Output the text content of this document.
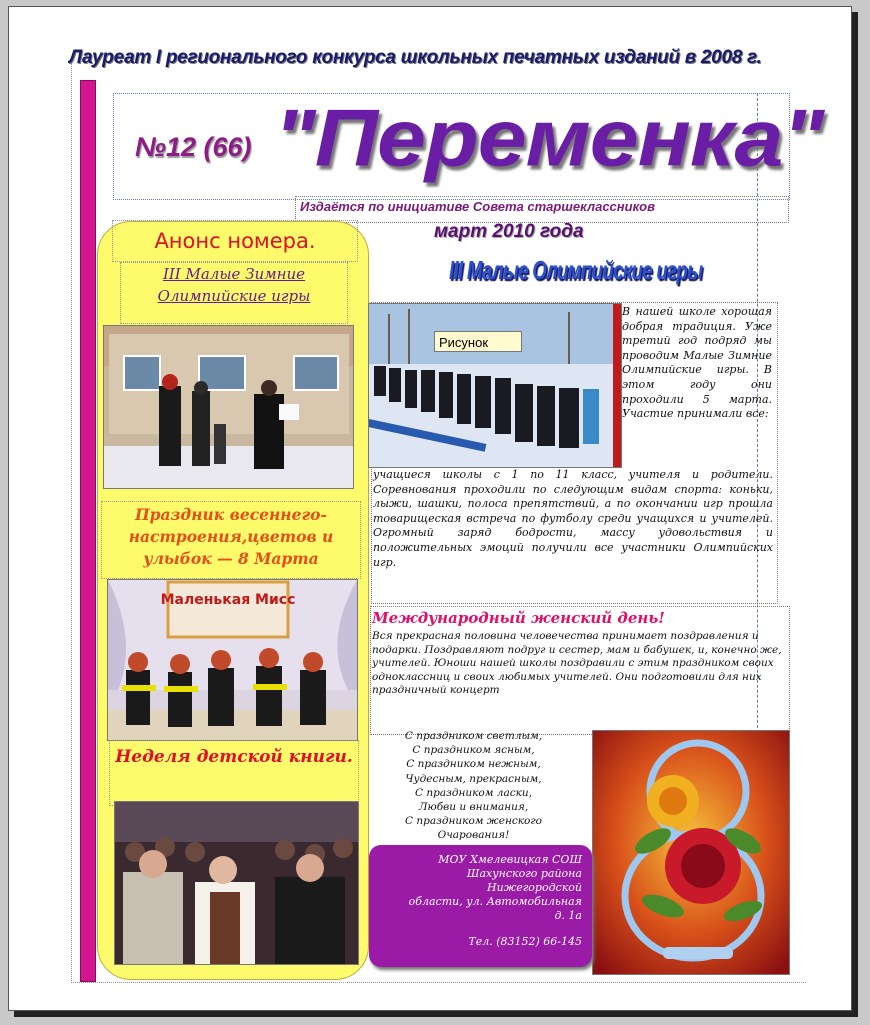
Лауреат I регионального конкурса школьных печатных изданий в 2008 г.
№12 (66) "Переменка"
Издаётся по инициативе Совета старшеклассников
март 2010 года
III Малые Олимпийские игры
Анонс номера.
III Малые Зимние Олимпийские игры
Праздник весеннего-настроения,цветов и улыбок — 8 Марта
Маленькая Мисс
Неделя детской книги.
Рисунок
В нашей школе хорошая добрая традиция. Уже третий год подряд мы проводим Малые Зимние Олимпийские игры. В этом году они проходили 5 марта. Участие принимали все:
учащиеся школы с 1 по 11 класс, учителя и родители. Соревнования проходили по следующим видам спорта: коньки, лыжи, шашки, полоса препятствий, а по окончании игр прошла товарищеская встреча по футболу среди учащихся и учителей. Огромный заряд бодрости, массу удовольствия и положительных эмоций получили все участники Олимпийских игр.
Международный женский день!
Вся прекрасная половина человечества принимает поздравления и подарки. Поздравляют подруг и сестер, мам и бабушек, и, конечно же, учителей. Юноши нашей школы поздравили с этим праздником своих одноклассниц и своих любимых учителей. Они подготовили для них праздничный концерт
С праздником светлым,
С праздником ясным,
С праздником нежным,
Чудесным, прекрасным,
С праздником ласки,
Любви и внимания,
С праздником женского
Очарования!
МОУ Хмелевицкая СОШ
Шахунского района
Нижегородской
области, ул. Автомобильная
д. 1а
Тел. (83152) 66-145
